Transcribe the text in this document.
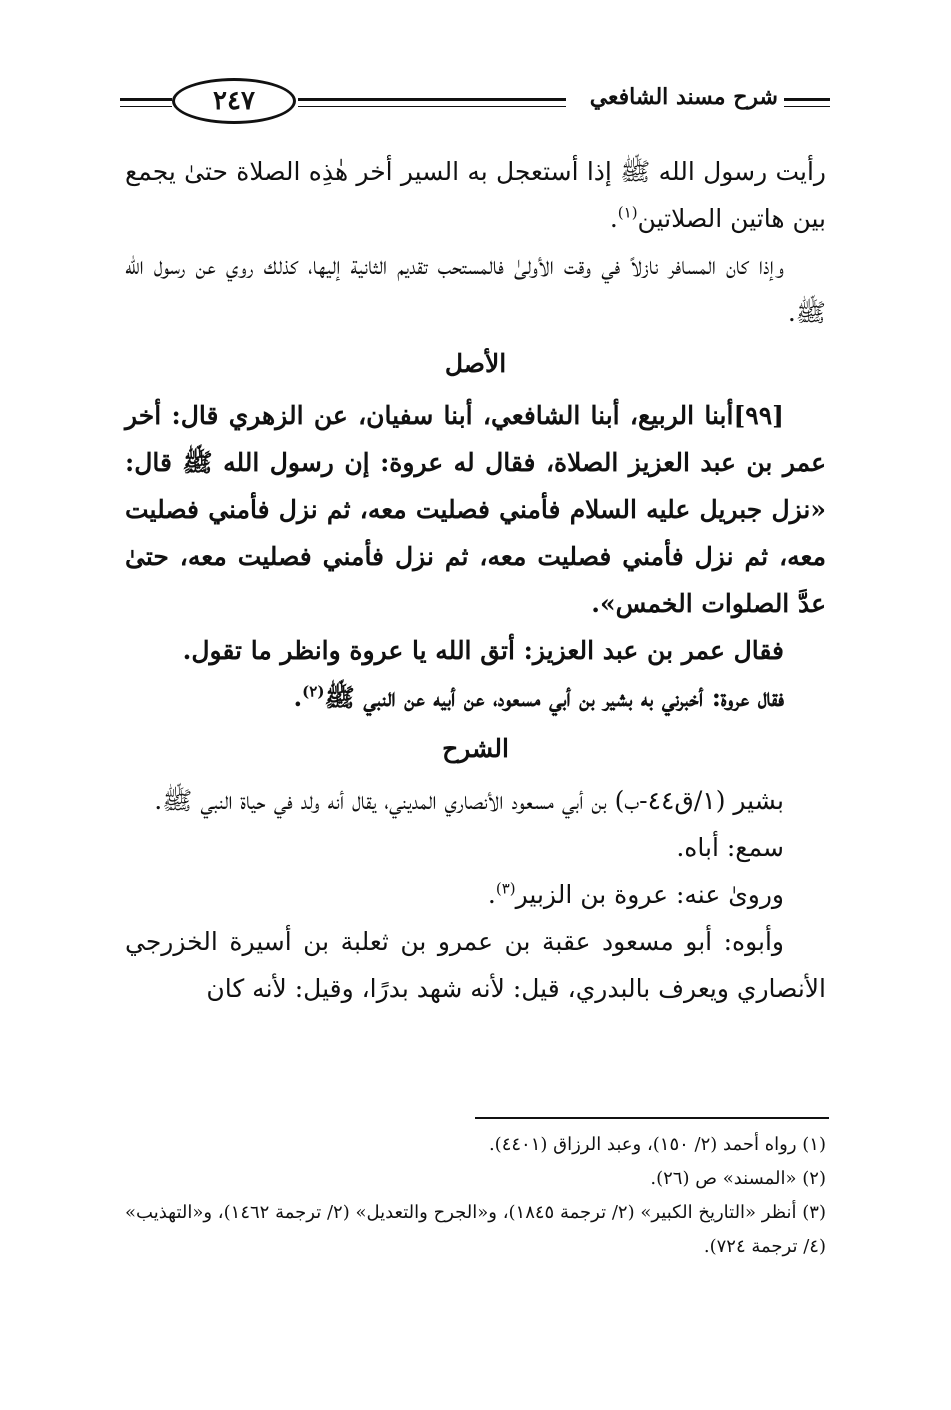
شرح مسند الشافعي
٢٤٧

رأيت رسول الله ﷺ إذا أستعجل به السير أخر هٰذِه الصلاة حتىٰ يجمع بين هاتين الصلاتين$^{(١)}$.

وإذا كان المسافر نازلاً في وقت الأولىٰ فالمستحب تقديم الثانية إليها، كذلك روي عن رسول الله ﷺ.

الأصل

[٩٩]أبنا الربيع، أبنا الشافعي، أبنا سفيان، عن الزهري قال: أخر عمر بن عبد العزيز الصلاة، فقال له عروة: إن رسول الله ﷺ قال: «نزل جبريل عليه السلام فأمني فصليت معه، ثم نزل فأمني فصليت معه، ثم نزل فأمني فصليت معه، ثم نزل فأمني فصليت معه، حتىٰ عدَّ الصلوات الخمس».

فقال عمر بن عبد العزيز: أتق الله يا عروة وانظر ما تقول.

فقال عروة: أخبرني به بشير بن أبي مسعود، عن أبيه عن النبي ﷺ$^{(٢)}$.

الشرح

بشير (١/ق٤٤-ب) بن أبي مسعود الأنصاري المديني، يقال أنه ولد في حياة النبي ﷺ.

سمع: أباه.

وروىٰ عنه: عروة بن الزبير$^{(٣)}$.

وأبوه: أبو مسعود عقبة بن عمرو بن ثعلبة بن أسيرة الخزرجي الأنصاري ويعرف بالبدري، قيل: لأنه شهد بدرًا، وقيل: لأنه كان

(١) رواه أحمد (٢/ ١٥٠)، وعبد الرزاق (٤٤٠١).

(٢) «المسند» ص (٢٦).

(٣) أنظر «التاريخ الكبير» (٢/ ترجمة ١٨٤٥)، و«الجرح والتعديل» (٢/ ترجمة ١٤٦٢)، و«التهذيب» (٤/ ترجمة ٧٢٤).
